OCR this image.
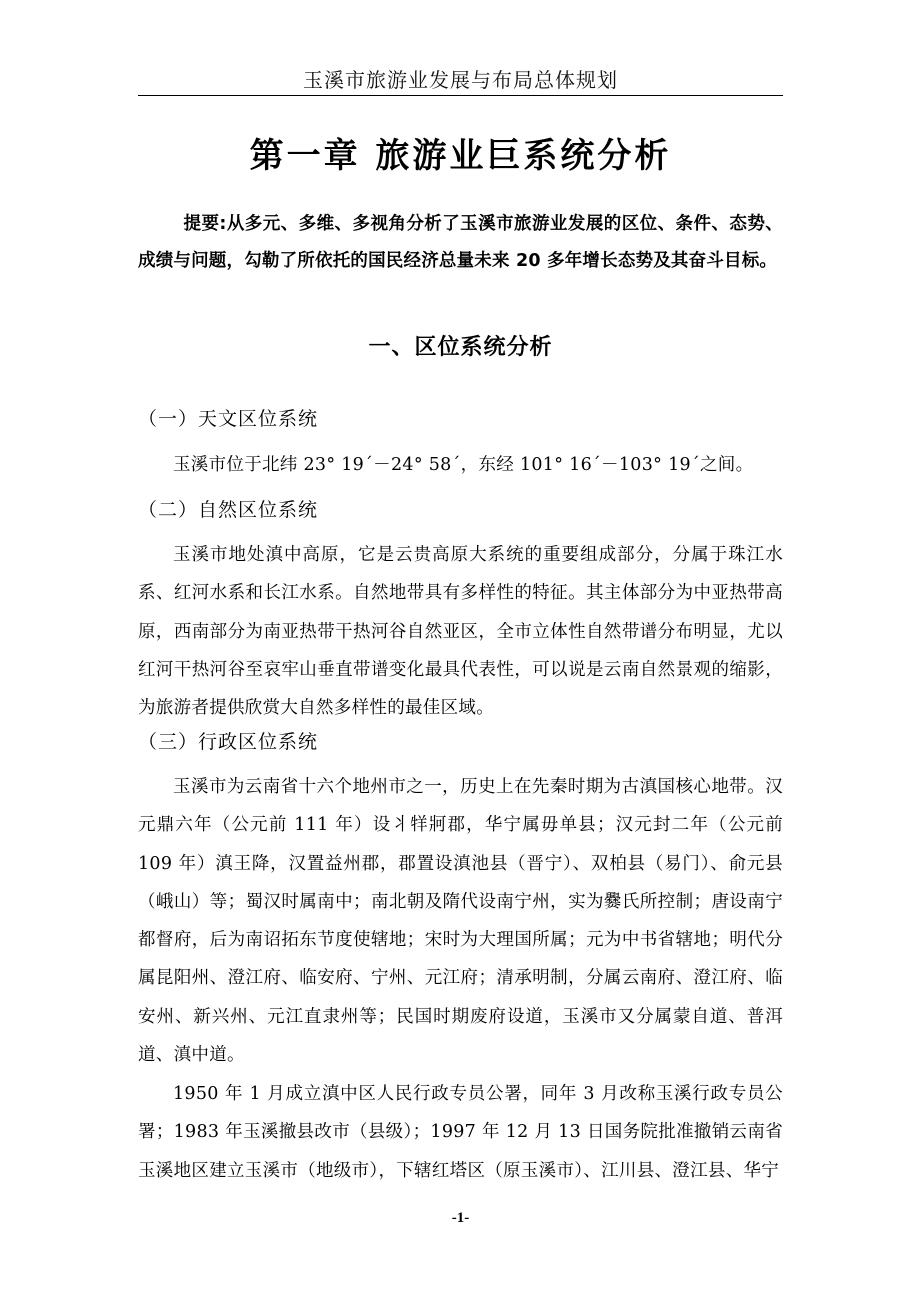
玉溪市旅游业发展与布局总体规划
第一章 旅游业巨系统分析
提要:从多元、多维、多视角分析了玉溪市旅游业发展的区位、条件、态势、成绩与问题，勾勒了所依托的国民经济总量未来 20 多年增长态势及其奋斗目标。
一、区位系统分析
（一）天文区位系统
玉溪市位于北纬 23° 19´－24° 58´，东经 101° 16´－103° 19´之间。
（二）自然区位系统
玉溪市地处滇中高原，它是云贵高原大系统的重要组成部分，分属于珠江水系、红河水系和长江水系。自然地带具有多样性的特征。其主体部分为中亚热带高原，西南部分为南亚热带干热河谷自然亚区，全市立体性自然带谱分布明显，尤以红河干热河谷至哀牢山垂直带谱变化最具代表性，可以说是云南自然景观的缩影，为旅游者提供欣赏大自然多样性的最佳区域。
（三）行政区位系统
玉溪市为云南省十六个地州市之一，历史上在先秦时期为古滇国核心地带。汉元鼎六年（公元前 111 年）设丬䍧牁郡，华宁属毋单县；汉元封二年（公元前 109 年）滇王降，汉置益州郡，郡置设滇池县（晋宁）、双柏县（易门）、俞元县（峨山）等；蜀汉时属南中；南北朝及隋代设南宁州，实为爨氏所控制；唐设南宁都督府，后为南诏拓东节度使辖地；宋时为大理国所属；元为中书省辖地；明代分属昆阳州、澄江府、临安府、宁州、元江府；清承明制，分属云南府、澄江府、临安州、新兴州、元江直隶州等；民国时期废府设道，玉溪市又分属蒙自道、普洱道、滇中道。
1950 年 1 月成立滇中区人民行政专员公署，同年 3 月改称玉溪行政专员公署；1983 年玉溪撤县改市（县级）；1997 年 12 月 13 日国务院批准撤销云南省玉溪地区建立玉溪市（地级市），下辖红塔区（原玉溪市）、江川县、澄江县、华宁
-1-
